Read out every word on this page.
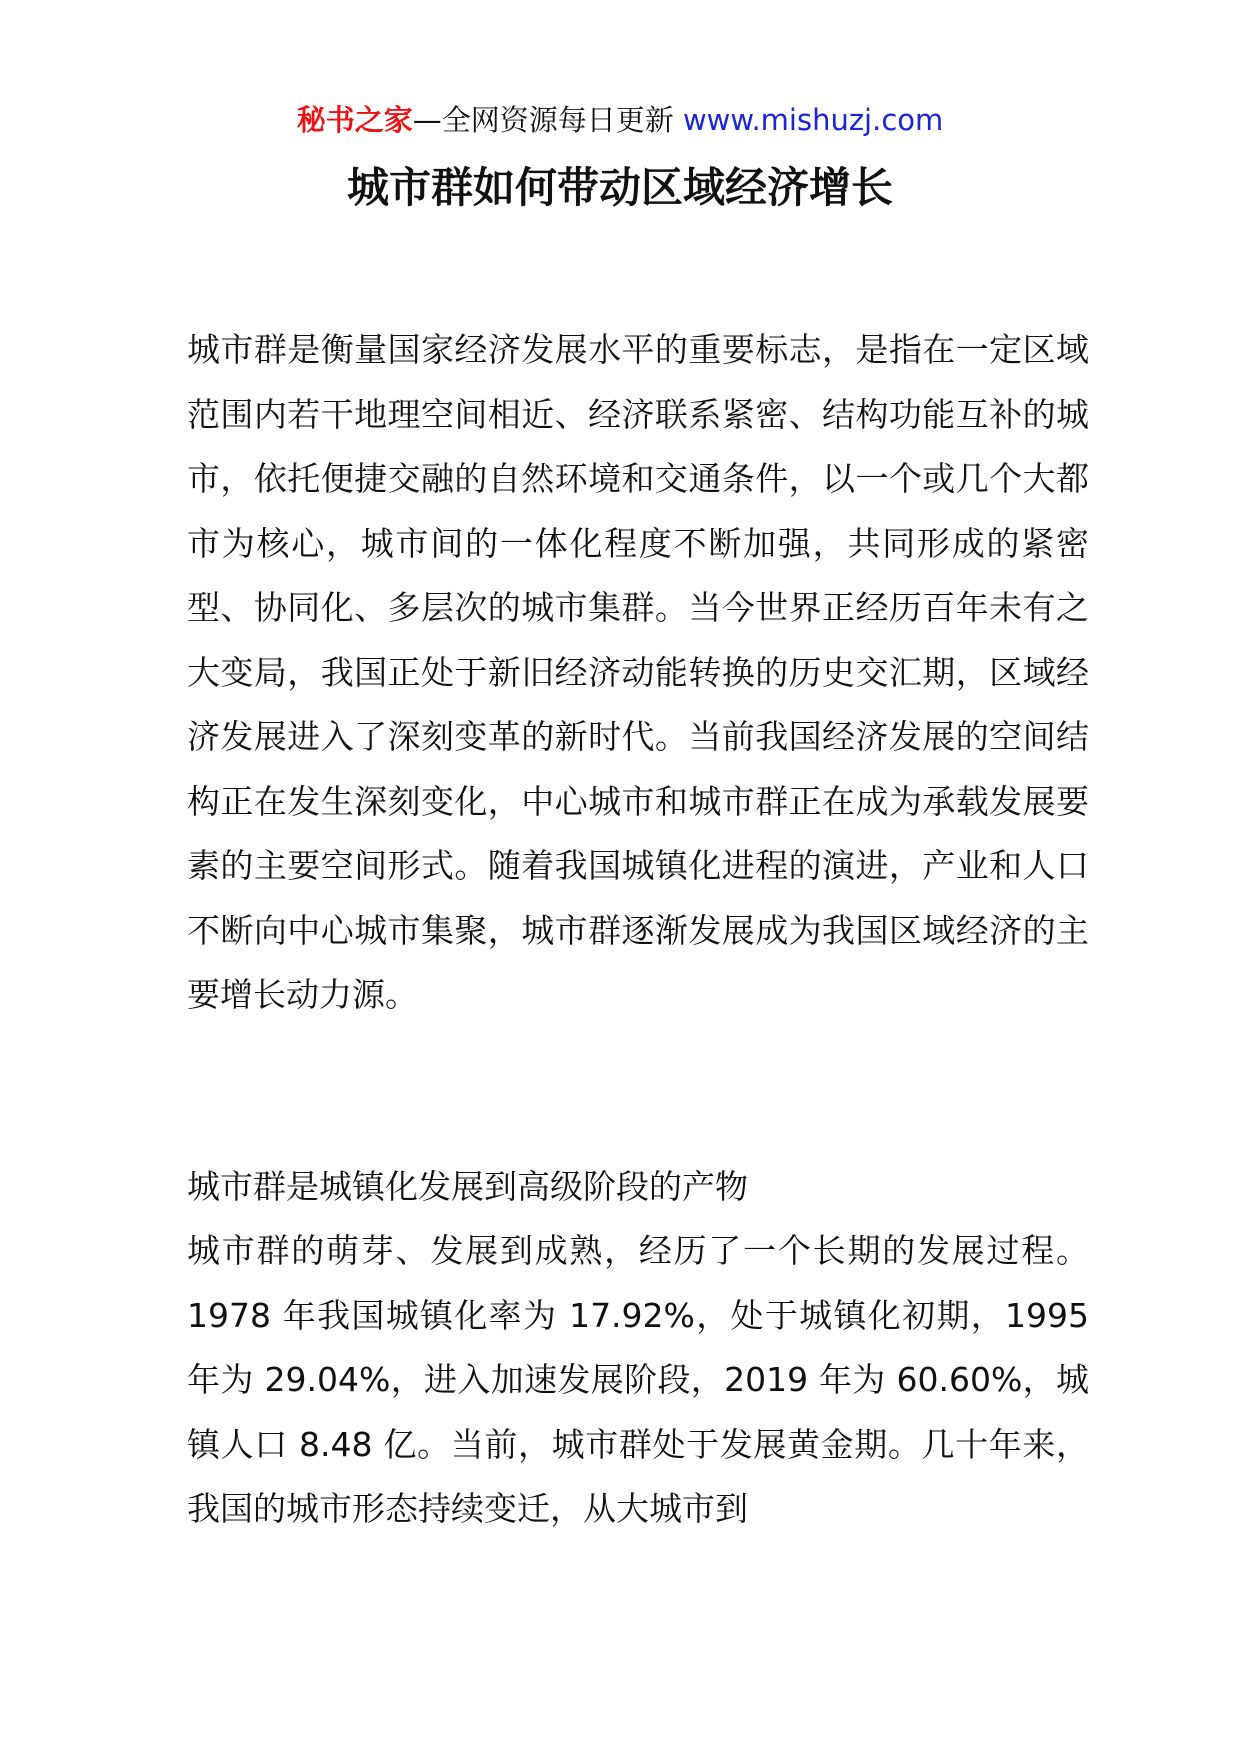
秘书之家—全网资源每日更新 www.mishuzj.com
城市群如何带动区域经济增长

城市群是衡量国家经济发展水平的重要标志，是指在一定区域范围内若干地理空间相近、经济联系紧密、结构功能互补的城市，依托便捷交融的自然环境和交通条件，以一个或几个大都市为核心，城市间的一体化程度不断加强，共同形成的紧密型、协同化、多层次的城市集群。当今世界正经历百年未有之大变局，我国正处于新旧经济动能转换的历史交汇期，区域经济发展进入了深刻变革的新时代。当前我国经济发展的空间结构正在发生深刻变化，中心城市和城市群正在成为承载发展要素的主要空间形式。随着我国城镇化进程的演进，产业和人口不断向中心城市集聚，城市群逐渐发展成为我国区域经济的主要增长动力源。

城市群是城镇化发展到高级阶段的产物

城市群的萌芽、发展到成熟，经历了一个长期的发展过程。1978 年我国城镇化率为 17.92%，处于城镇化初期，1995 年为 29.04%，进入加速发展阶段，2019 年为 60.60%，城镇人口 8.48 亿。当前，城市群处于发展黄金期。几十年来，我国的城市形态持续变迁，从大城市到
